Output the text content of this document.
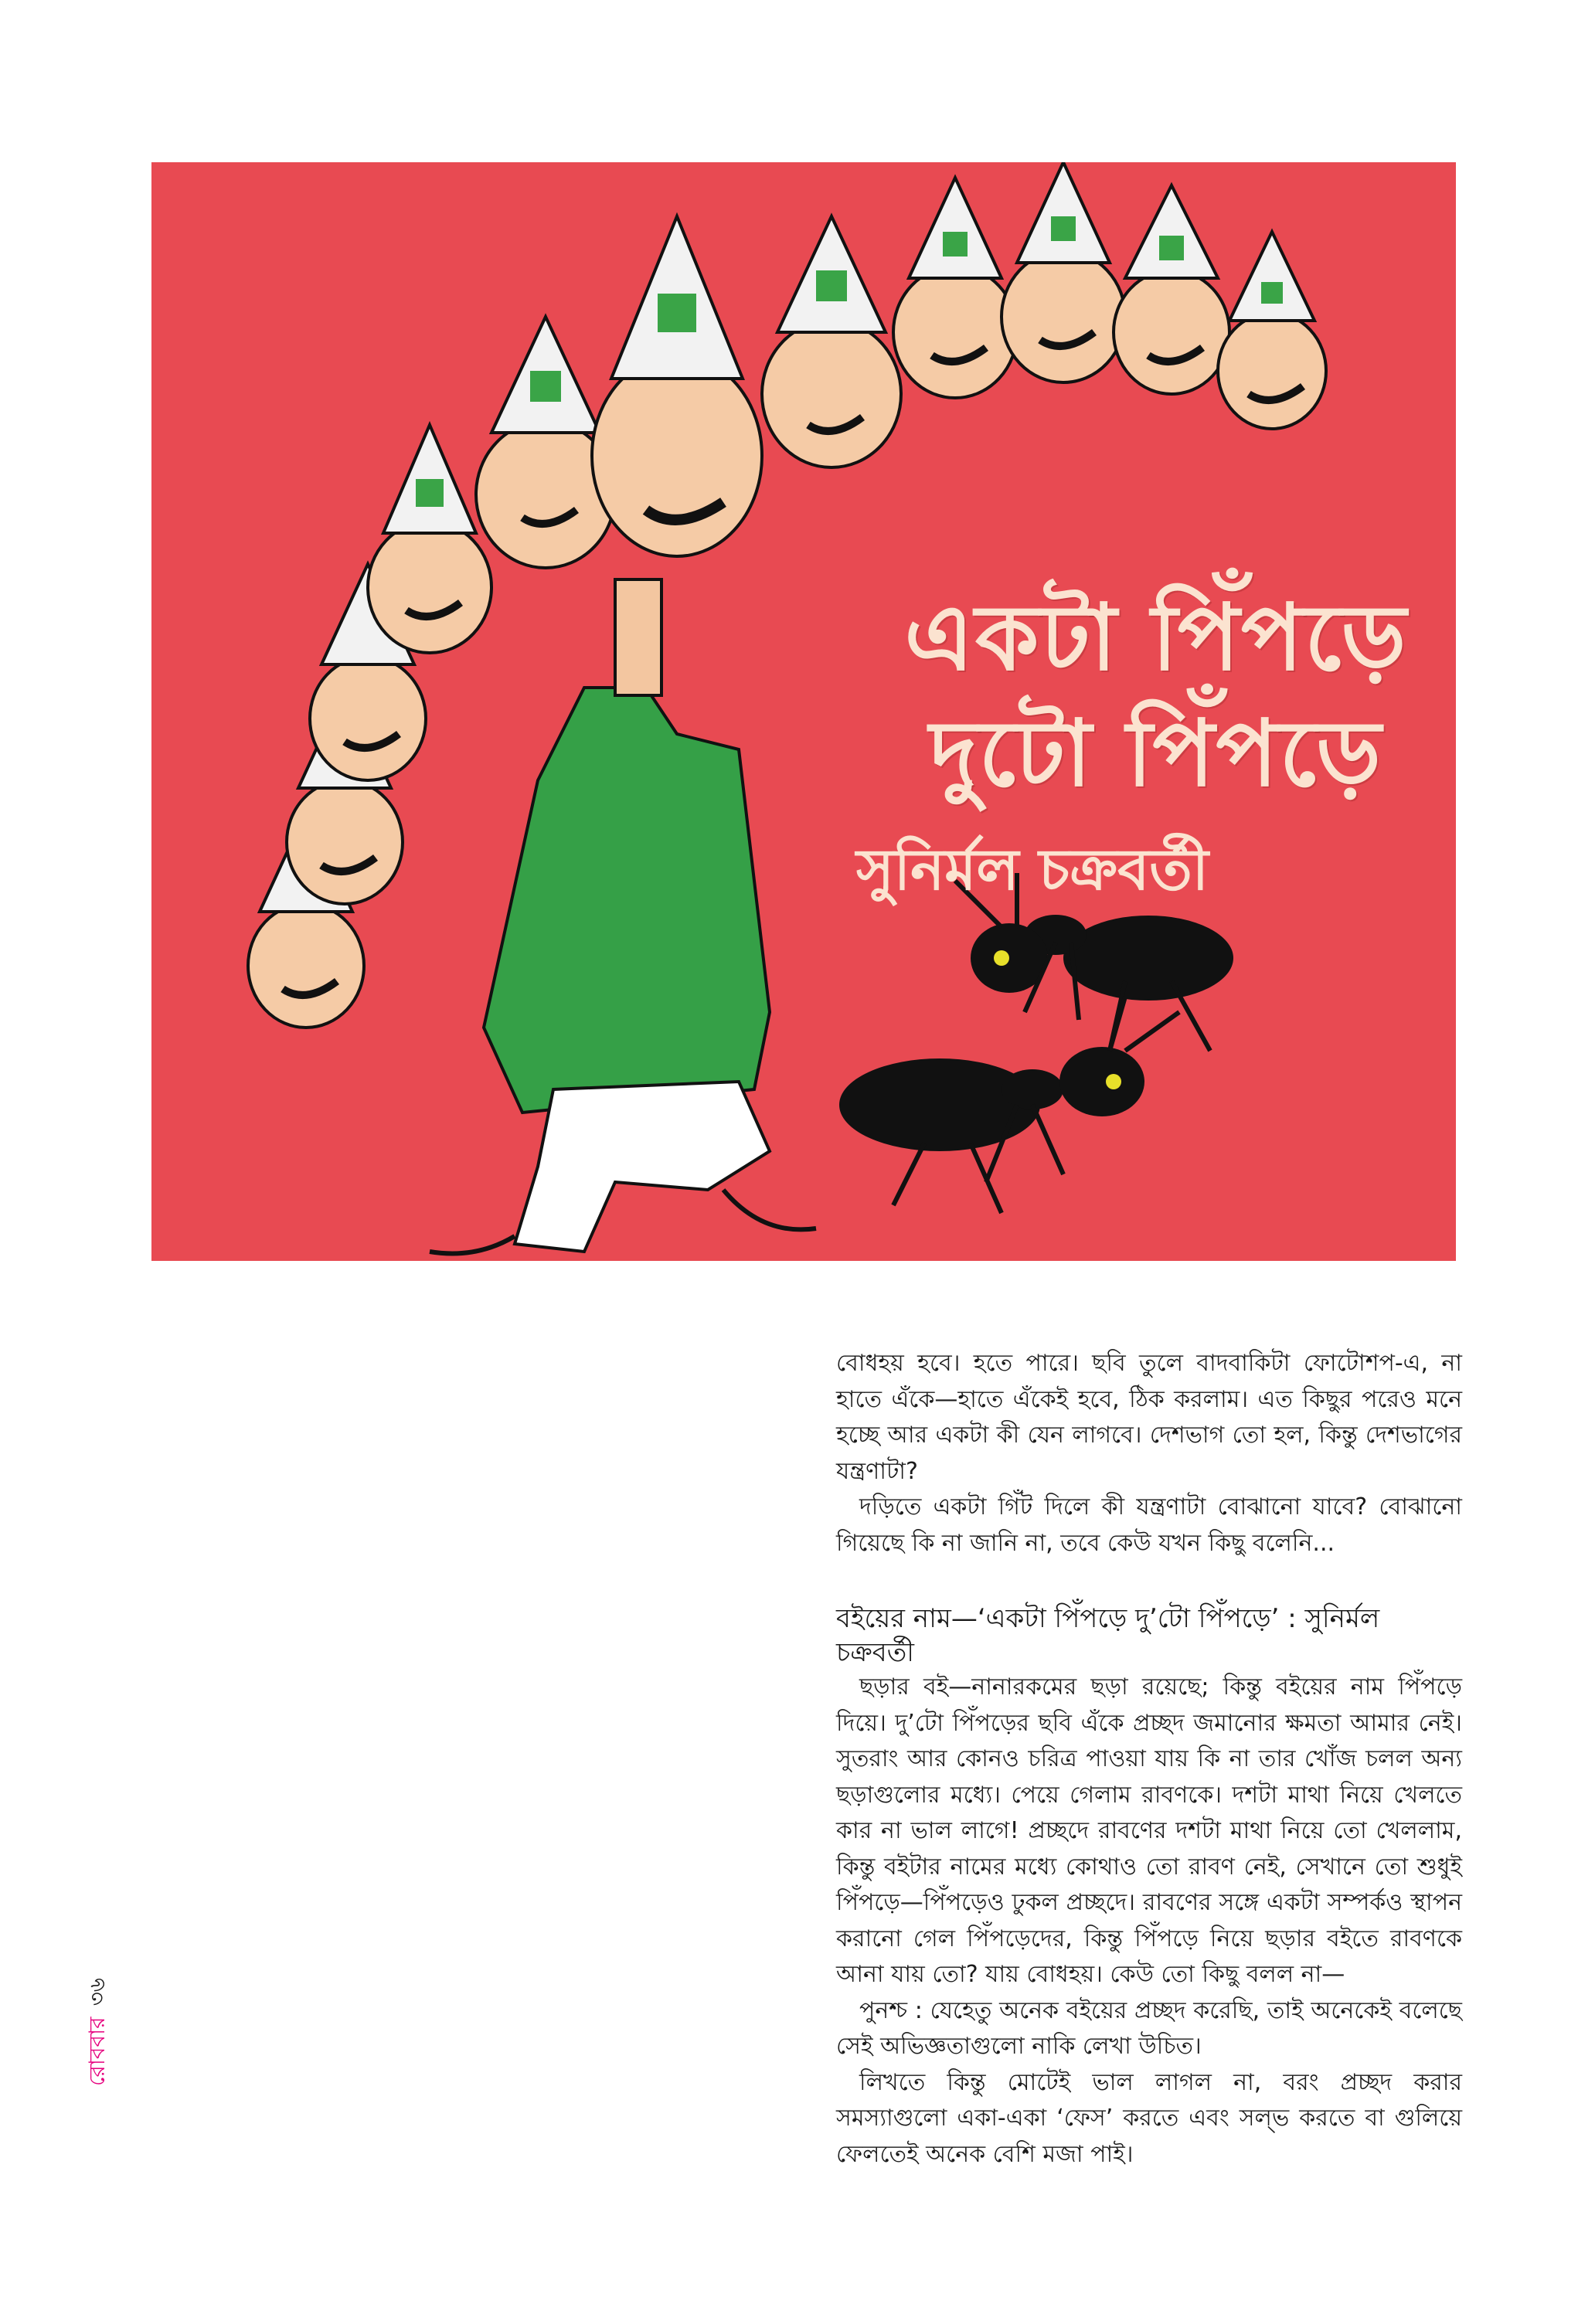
একটা পিঁপড়ে
দুটো পিঁপড়ে
সুনির্মল চক্রবর্তী

বোধহয় হবে। হতে পারে। ছবি তুলে বাদবাকিটা ফোটোশপ-এ, না হাতে এঁকে—হাতে এঁকেই হবে, ঠিক করলাম। এত কিছুর পরেও মনে হচ্ছে আর একটা কী যেন লাগবে। দেশভাগ তো হল, কিন্তু দেশভাগের যন্ত্রণাটা?

দড়িতে একটা গিঁট দিলে কী যন্ত্রণাটা বোঝানো যাবে? বোঝানো গিয়েছে কি না জানি না, তবে কেউ যখন কিছু বলেনি...

বইয়ের নাম—‘একটা পিঁপড়ে দু’টো পিঁপড়ে’ : সুনির্মল চক্রবর্তী

ছড়ার বই—নানারকমের ছড়া রয়েছে; কিন্তু বইয়ের নাম পিঁপড়ে দিয়ে। দু’টো পিঁপড়ের ছবি এঁকে প্রচ্ছদ জমানোর ক্ষমতা আমার নেই। সুতরাং আর কোনও চরিত্র পাওয়া যায় কি না তার খোঁজ চলল অন্য ছড়াগুলোর মধ্যে। পেয়ে গেলাম রাবণকে। দশটা মাথা নিয়ে খেলতে কার না ভাল লাগে! প্রচ্ছদে রাবণের দশটা মাথা নিয়ে তো খেললাম, কিন্তু বইটার নামের মধ্যে কোথাও তো রাবণ নেই, সেখানে তো শুধুই পিঁপড়ে—পিঁপড়েও ঢুকল প্রচ্ছদে। রাবণের সঙ্গে একটা সম্পর্কও স্থাপন করানো গেল পিঁপড়েদের, কিন্তু পিঁপড়ে নিয়ে ছড়ার বইতে রাবণকে আনা যায় তো? যায় বোধহয়। কেউ তো কিছু বলল না—

পুনশ্চ : যেহেতু অনেক বইয়ের প্রচ্ছদ করেছি, তাই অনেকেই বলেছে সেই অভিজ্ঞতাগুলো নাকি লেখা উচিত।

লিখতে কিন্তু মোটেই ভাল লাগল না, বরং প্রচ্ছদ করার সমস্যাগুলো একা-একা ‘ফেস’ করতে এবং সল্ভ করতে বা গুলিয়ে ফেলতেই অনেক বেশি মজা পাই।

রোববার৩৬
